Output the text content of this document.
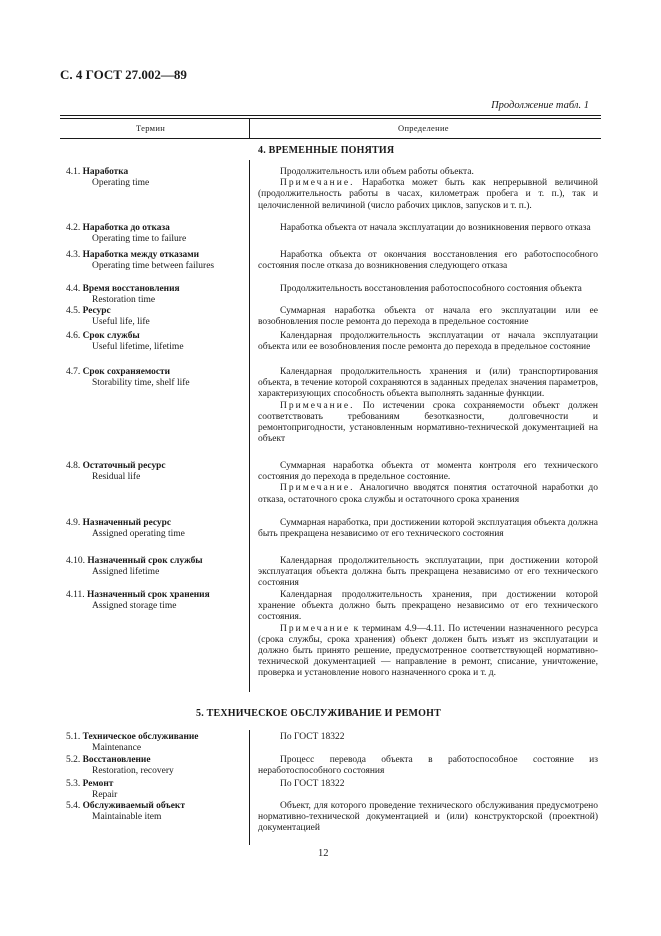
С. 4 ГОСТ 27.002—89
Продолжение табл. 1
Термин	Определение
4. ВРЕМЕННЫЕ ПОНЯТИЯ
5. ТЕХНИЧЕСКОЕ ОБСЛУЖИВАНИЕ И РЕМОНТ
4.1. Наработка
Operating time

Продолжительность или объем работы объекта.

Примечание. Наработка может быть как непрерывной величиной (продолжительность работы в часах, километраж пробега и т. п.), так и целочисленной величиной (число рабочих циклов, запусков и т. п.).

4.2. Наработка до отказа
Operating time to failure

Наработка объекта от начала эксплуатации до возникновения первого отказа

4.3. Наработка между отказами
Operating time between failures

Наработка объекта от окончания восстановления его работоспособного состояния после отказа до возникновения следующего отказа

4.4. Время восстановления
Restoration time

Продолжительность восстановления работоспособного состояния объекта

4.5. Ресурс
Useful life, life

Суммарная наработка объекта от начала его эксплуатации или ее возобновления после ремонта до перехода в предельное состояние

4.6. Срок службы
Useful lifetime, lifetime

Календарная продолжительность эксплуатации от начала эксплуатации объекта или ее возобновления после ремонта до перехода в предельное состояние

4.7. Срок сохраняемости
Storability time, shelf life

Календарная продолжительность хранения и (или) транспортирования объекта, в течение которой сохраняются в заданных пределах значения параметров, характеризующих способность объекта выполнять заданные функции.

Примечание. По истечении срока сохраняемости объект должен соответствовать требованиям безотказности, долговечности и ремонтопригодности, установленным нормативно-технической документацией на объект

4.8. Остаточный ресурс
Residual life

Суммарная наработка объекта от момента контроля его технического состояния до перехода в предельное состояние.

Примечание. Аналогично вводятся понятия остаточной наработки до отказа, остаточного срока службы и остаточного срока хранения

4.9. Назначенный ресурс
Assigned operating time

Суммарная наработка, при достижении которой эксплуатация объекта должна быть прекращена независимо от его технического состояния

4.10. Назначенный срок службы
Assigned lifetime

Календарная продолжительность эксплуатации, при достижении которой эксплуатация объекта должна быть прекращена независимо от его технического состояния

4.11. Назначенный срок хранения
Assigned storage time

Календарная продолжительность хранения, при достижении которой хранение объекта должно быть прекращено независимо от его технического состояния.

Примечание к терминам 4.9—4.11. По истечении назначенного ресурса (срока службы, срока хранения) объект должен быть изъят из эксплуатации и должно быть принято решение, предусмотренное соответствующей нормативно-технической документацией — направление в ремонт, списание, уничтожение, проверка и установление нового назначенного срока и т. д.

5.1. Техническое обслуживание
Maintenance

По ГОСТ 18322

5.2. Восстановление
Restoration, recovery

Процесс перевода объекта в работоспособное состояние из неработоспособного состояния

5.3. Ремонт
Repair

По ГОСТ 18322

5.4. Обслуживаемый объект
Maintainable item

Объект, для которого проведение технического обслуживания предусмотрено нормативно-технической документацией и (или) конструкторской (проектной) документацией

12
